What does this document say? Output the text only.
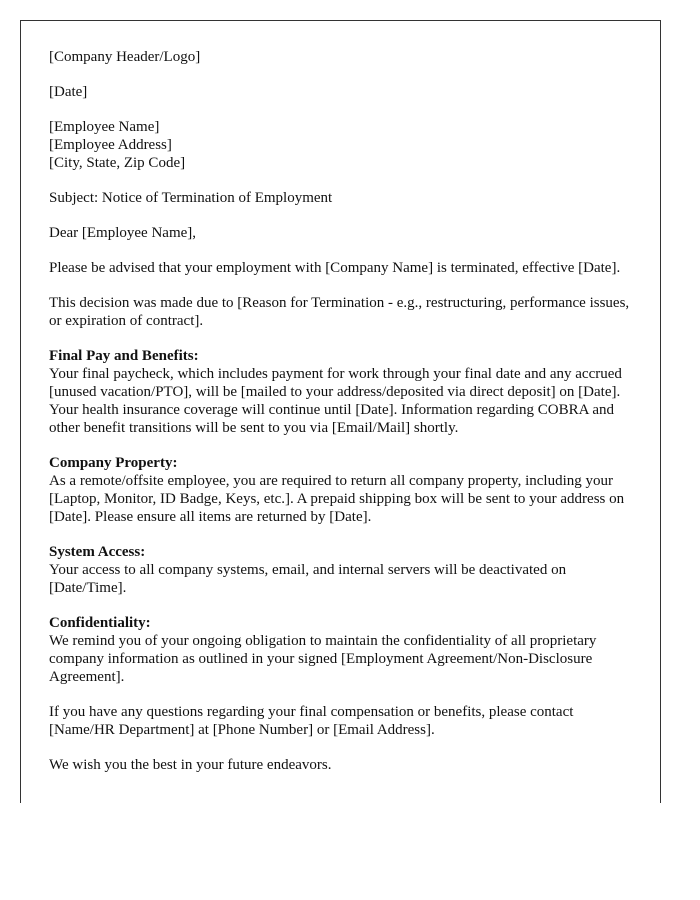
[Company Header/Logo]

[Date]

[Employee Name]
[Employee Address]
[City, State, Zip Code]

Subject: Notice of Termination of Employment

Dear [Employee Name],

Please be advised that your employment with [Company Name] is terminated, effective [Date].

This decision was made due to [Reason for Termination - e.g., restructuring, performance issues, or expiration of contract].

Final Pay and Benefits:
Your final paycheck, which includes payment for work through your final date and any accrued [unused vacation/PTO], will be [mailed to your address/deposited via direct deposit] on [Date]. Your health insurance coverage will continue until [Date]. Information regarding COBRA and other benefit transitions will be sent to you via [Email/Mail] shortly.

Company Property:
As a remote/offsite employee, you are required to return all company property, including your [Laptop, Monitor, ID Badge, Keys, etc.]. A prepaid shipping box will be sent to your address on [Date]. Please ensure all items are returned by [Date].

System Access:
Your access to all company systems, email, and internal servers will be deactivated on [Date/Time].

Confidentiality:
We remind you of your ongoing obligation to maintain the confidentiality of all proprietary company information as outlined in your signed [Employment Agreement/Non-Disclosure Agreement].

If you have any questions regarding your final compensation or benefits, please contact [Name/HR Department] at [Phone Number] or [Email Address].

We wish you the best in your future endeavors.
